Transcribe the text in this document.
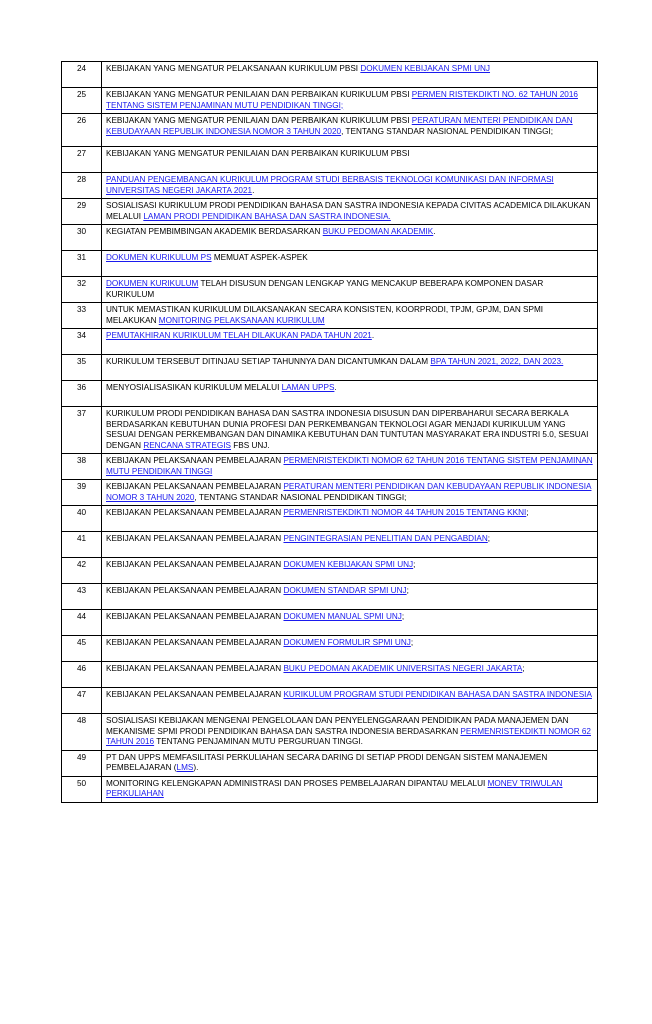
24	KEBIJAKAN YANG MENGATUR PELAKSANAAN KURIKULUM PBSI DOKUMEN KEBIJAKAN SPMI UNJ
25	KEBIJAKAN YANG MENGATUR PENILAIAN DAN PERBAIKAN KURIKULUM PBSI PERMEN RISTEKDIKTI NO. 62 TAHUN 2016 TENTANG SISTEM PENJAMINAN MUTU PENDIDIKAN TINGGI;
26	KEBIJAKAN YANG MENGATUR PENILAIAN DAN PERBAIKAN KURIKULUM PBSI PERATURAN MENTERI PENDIDIKAN DAN KEBUDAYAAN REPUBLIK INDONESIA NOMOR 3 TAHUN 2020, TENTANG STANDAR NASIONAL PENDIDIKAN TINGGI;
27	KEBIJAKAN YANG MENGATUR PENILAIAN DAN PERBAIKAN KURIKULUM PBSI
28	PANDUAN PENGEMBANGAN KURIKULUM PROGRAM STUDI BERBASIS TEKNOLOGI KOMUNIKASI DAN INFORMASI UNIVERSITAS NEGERI JAKARTA 2021.
29	SOSIALISASI KURIKULUM PRODI PENDIDIKAN BAHASA DAN SASTRA INDONESIA KEPADA CIVITAS ACADEMICA DILAKUKAN MELALUI LAMAN PRODI PENDIDIKAN BAHASA DAN SASTRA INDONESIA.
30	KEGIATAN PEMBIMBINGAN AKADEMIK BERDASARKAN BUKU PEDOMAN AKADEMIK.
31	DOKUMEN KURIKULUM PS MEMUAT ASPEK-ASPEK
32	DOKUMEN KURIKULUM TELAH DISUSUN DENGAN LENGKAP YANG MENCAKUP BEBERAPA KOMPONEN DASAR KURIKULUM
33	UNTUK MEMASTIKAN KURIKULUM DILAKSANAKAN SECARA KONSISTEN, KOORPRODI, TPJM, GPJM, DAN SPMI MELAKUKAN MONITORING PELAKSANAAN KURIKULUM
34	PEMUTAKHIRAN KURIKULUM TELAH DILAKUKAN PADA TAHUN 2021.
35	KURIKULUM TERSEBUT DITINJAU SETIAP TAHUNNYA DAN DICANTUMKAN DALAM BPA TAHUN 2021, 2022, DAN 2023.
36	MENYOSIALISASIKAN KURIKULUM MELALUI LAMAN UPPS.
37	KURIKULUM PRODI PENDIDIKAN BAHASA DAN SASTRA INDONESIA DISUSUN DAN DIPERBAHARUI SECARA BERKALA BERDASARKAN KEBUTUHAN DUNIA PROFESI DAN PERKEMBANGAN TEKNOLOGI AGAR MENJADI KURIKULUM YANG SESUAI DENGAN PERKEMBANGAN DAN DINAMIKA KEBUTUHAN DAN TUNTUTAN MASYARAKAT ERA INDUSTRI 5.0, SESUAI DENGAN RENCANA STRATEGIS FBS UNJ.
38	KEBIJAKAN PELAKSANAAN PEMBELAJARAN PERMENRISTEKDIKTI NOMOR 62 TAHUN 2016 TENTANG SISTEM PENJAMINAN MUTU PENDIDIKAN TINGGI
39	KEBIJAKAN PELAKSANAAN PEMBELAJARAN PERATURAN MENTERI PENDIDIKAN DAN KEBUDAYAAN REPUBLIK INDONESIA NOMOR 3 TAHUN 2020, TENTANG STANDAR NASIONAL PENDIDIKAN TINGGI;
40	KEBIJAKAN PELAKSANAAN PEMBELAJARAN PERMENRISTEKDIKTI NOMOR 44 TAHUN 2015 TENTANG KKNI;
41	KEBIJAKAN PELAKSANAAN PEMBELAJARAN PENGINTEGRASIAN PENELITIAN DAN PENGABDIAN;
42	KEBIJAKAN PELAKSANAAN PEMBELAJARAN DOKUMEN KEBIJAKAN SPMI UNJ;
43	KEBIJAKAN PELAKSANAAN PEMBELAJARAN DOKUMEN STANDAR SPMI UNJ;
44	KEBIJAKAN PELAKSANAAN PEMBELAJARAN DOKUMEN MANUAL SPMI UNJ;
45	KEBIJAKAN PELAKSANAAN PEMBELAJARAN DOKUMEN FORMULIR SPMI UNJ;
46	KEBIJAKAN PELAKSANAAN PEMBELAJARAN BUKU PEDOMAN AKADEMIK UNIVERSITAS NEGERI JAKARTA;
47	KEBIJAKAN PELAKSANAAN PEMBELAJARAN KURIKULUM PROGRAM STUDI PENDIDIKAN BAHASA DAN SASTRA INDONESIA
48	SOSIALISASI KEBIJAKAN MENGENAI PENGELOLAAN DAN PENYELENGGARAAN PENDIDIKAN PADA MANAJEMEN DAN MEKANISME SPMI PRODI PENDIDIKAN BAHASA DAN SASTRA INDONESIA BERDASARKAN PERMENRISTEKDIKTI NOMOR 62 TAHUN 2016 TENTANG PENJAMINAN MUTU PERGURUAN TINGGI.
49	PT DAN UPPS MEMFASILITASI PERKULIAHAN SECARA DARING DI SETIAP PRODI DENGAN SISTEM MANAJEMEN PEMBELAJARAN (LMS).
50	MONITORING KELENGKAPAN ADMINISTRASI DAN PROSES PEMBELAJARAN DIPANTAU MELALUI MONEV TRIWULAN PERKULIAHAN
